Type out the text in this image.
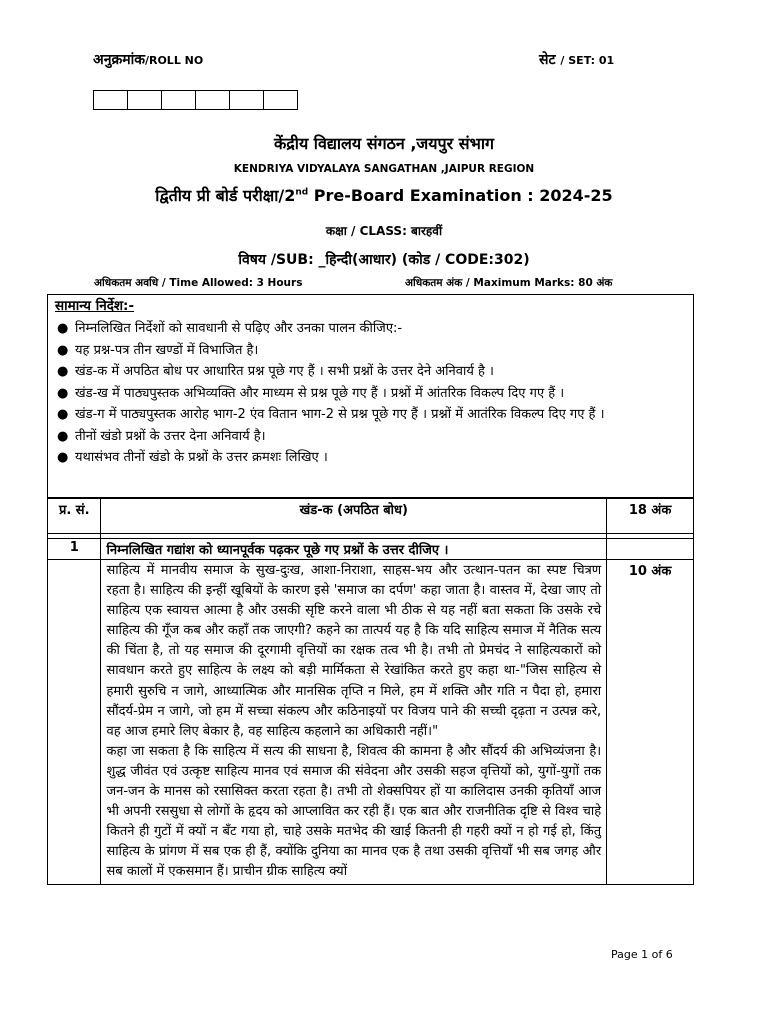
अनुक्रमांक/ROLL NO	सेट / SET: 01
केंद्रीय विद्यालय संगठन ,जयपुर संभाग
KENDRIYA VIDYALAYA SANGATHAN ,JAIPUR REGION
द्वितीय प्री बोर्ड परीक्षा/2nd Pre-Board Examination : 2024-25
कक्षा / CLASS: बारहवीं
विषय /SUB: _हिन्दी(आधार) (कोड / CODE:302)
अधिकतम अवधि / Time Allowed: 3 Hours	अधिकतम अंक / Maximum Marks: 80 अंक
सामान्य निर्देश:-
● निम्नलिखित निर्देशों को सावधानी से पढ़िए और उनका पालन कीजिए:-
● यह प्रश्न-पत्र तीन खण्डों में विभाजित है।
● खंड-क में अपठित बोध पर आधारित प्रश्न पूछे गए हैं । सभी प्रश्नों के उत्तर देने अनिवार्य है ।
● खंड-ख में पाठ्यपुस्तक अभिव्यक्ति और माध्यम से प्रश्न पूछे गए हैं । प्रश्नों में आंतरिक विकल्प दिए गए हैं ।
● खंड-ग में पाठ्यपुस्तक आरोह भाग-2 एंव वितान भाग-2 से प्रश्न पूछे गए हैं । प्रश्नों में आतंरिक विकल्प दिए गए हैं ।
● तीनों खंडो प्रश्नों के उत्तर देना अनिवार्य है।
● यथासंभव तीनों खंडो के प्रश्नों के उत्तर क्रमशः लिखिए ।
प्र. सं.	खंड-क (अपठित बोध)	18 अंक

1	निम्नलिखित गद्यांश को ध्यानपूर्वक पढ़कर पूछे गए प्रश्नों के उत्तर दीजिए ।	

	साहित्य में मानवीय समाज के सुख-दुःख, आशा-निराशा, साहस-भय और उत्थान-पतन का स्पष्ट चित्रण रहता है। साहित्य की इन्हीं खूबियों के कारण इसे 'समाज का दर्पण' कहा जाता है। वास्तव में, देखा जाए तो साहित्य एक स्वायत्त आत्मा है और उसकी सृष्टि करने वाला भी ठीक से यह नहीं बता सकता कि उसके रचे साहित्य की गूँज कब और कहाँ तक जाएगी? कहने का तात्पर्य यह है कि यदि साहित्य समाज में नैतिक सत्य की चिंता है, तो यह समाज की दूरगामी वृत्तियों का रक्षक तत्व भी है। तभी तो प्रेमचंद ने साहित्यकारों को सावधान करते हुए साहित्य के लक्ष्य को बड़ी मार्मिकता से रेखांकित करते हुए कहा था-"जिस साहित्य से हमारी सुरुचि न जागे, आध्यात्मिक और मानसिक तृप्ति न मिले, हम में शक्ति और गति न पैदा हो, हमारा सौंदर्य-प्रेम न जागे, जो हम में सच्चा संकल्प और कठिनाइयों पर विजय पाने की सच्ची दृढ़ता न उत्पन्न करे, वह आज हमारे लिए बेकार है, वह साहित्य कहलाने का अधिकारी नहीं।"

कहा जा सकता है कि साहित्य में सत्य की साधना है, शिवत्व की कामना है और सौंदर्य की अभिव्यंजना है। शुद्ध जीवंत एवं उत्कृष्ट साहित्य मानव एवं समाज की संवेदना और उसकी सहज वृत्तियों को, युगों-युगों तक जन-जन के मानस को रसासिक्त करता रहता है। तभी तो शेक्सपियर हों या कालिदास उनकी कृतियाँ आज भी अपनी रससुधा से लोगों के हृदय को आप्लावित कर रही हैं। एक बात और राजनीतिक दृष्टि से विश्व चाहे कितने ही गुटों में क्यों न बँट गया हो, चाहे उसके मतभेद की खाई कितनी ही गहरी क्यों न हो गई हो, किंतु साहित्य के प्रांगण में सब एक ही हैं, क्योंकि दुनिया का मानव एक है तथा उसकी वृत्तियाँ भी सब जगह और सब कालों में एकसमान हैं। प्राचीन ग्रीक साहित्य क्यों	10 अंक
Page 1 of 6
